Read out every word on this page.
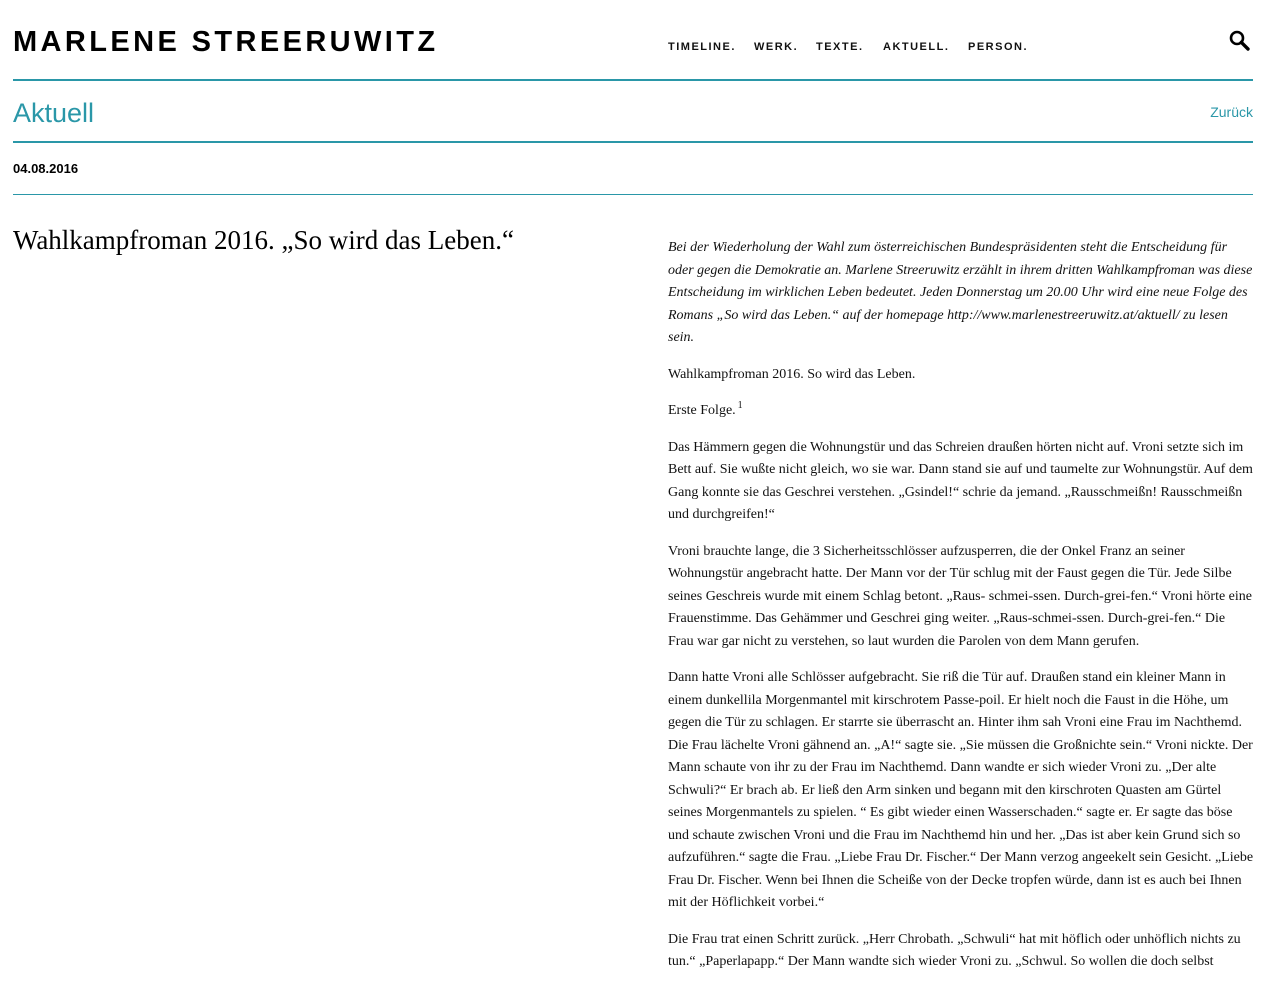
MARLENE STREERUWITZ	TIMELINE. WERK. TEXTE. AKTUELL. PERSON.
Aktuell	Zurück
04.08.2016
Wahlkampfroman 2016. „So wird das Leben.“	Bei der Wiederholung der Wahl zum österreichischen Bundespräsidenten steht die Entscheidung für oder gegen die Demokratie an. Marlene Streeruwitz erzählt in ihrem dritten Wahlkampfroman was diese Entscheidung im wirklichen Leben bedeutet. Jeden Donnerstag um 20.00 Uhr wird eine neue Folge des Romans „So wird das Leben.“ auf der homepage http://www.marlenestreeruwitz.at/aktuell/ zu lesen sein.

Wahlkampfroman 2016. So wird das Leben.

Erste Folge. $^1$

Das Hämmern gegen die Wohnungstür und das Schreien draußen hörten nicht auf. Vroni setzte sich im Bett auf. Sie wußte nicht gleich, wo sie war. Dann stand sie auf und taumelte zur Wohnungstür. Auf dem Gang konnte sie das Geschrei verstehen. „Gsindel!“ schrie da jemand. „Rausschmeißn! Rausschmeißn und durchgreifen!“

Vroni brauchte lange, die 3 Sicherheitsschlösser aufzusperren, die der Onkel Franz an seiner Wohnungstür angebracht hatte. Der Mann vor der Tür schlug mit der Faust gegen die Tür. Jede Silbe seines Geschreis wurde mit einem Schlag betont. „Raus- schmei-ssen. Durch-grei-fen.“ Vroni hörte eine Frauenstimme. Das Gehämmer und Geschrei ging weiter. „Raus-schmei-ssen. Durch-grei-fen.“ Die Frau war gar nicht zu verstehen, so laut wurden die Parolen von dem Mann gerufen.

Dann hatte Vroni alle Schlösser aufgebracht. Sie riß die Tür auf. Draußen stand ein kleiner Mann in einem dunkellila Morgenmantel mit kirschrotem Passe-poil. Er hielt noch die Faust in die Höhe, um gegen die Tür zu schlagen. Er starrte sie überrascht an. Hinter ihm sah Vroni eine Frau im Nachthemd. Die Frau lächelte Vroni gähnend an. „A!“ sagte sie. „Sie müssen die Großnichte sein.“ Vroni nickte. Der Mann schaute von ihr zu der Frau im Nachthemd. Dann wandte er sich wieder Vroni zu. „Der alte Schwuli?“ Er brach ab. Er ließ den Arm sinken und begann mit den kirschroten Quasten am Gürtel seines Morgenmantels zu spielen. “ Es gibt wieder einen Wasserschaden.“ sagte er. Er sagte das böse und schaute zwischen Vroni und die Frau im Nachthemd hin und her. „Das ist aber kein Grund sich so aufzuführen.“ sagte die Frau. „Liebe Frau Dr. Fischer.“ Der Mann verzog angeekelt sein Gesicht. „Liebe Frau Dr. Fischer. Wenn bei Ihnen die Scheiße von der Decke tropfen würde, dann ist es auch bei Ihnen mit der Höflichkeit vorbei.“

Die Frau trat einen Schritt zurück. „Herr Chrobath. „Schwuli“ hat mit höflich oder unhöflich nichts zu tun.“ „Paperlapapp.“ Der Mann wandte sich wieder Vroni zu. „Schwul. So wollen die doch selbst
